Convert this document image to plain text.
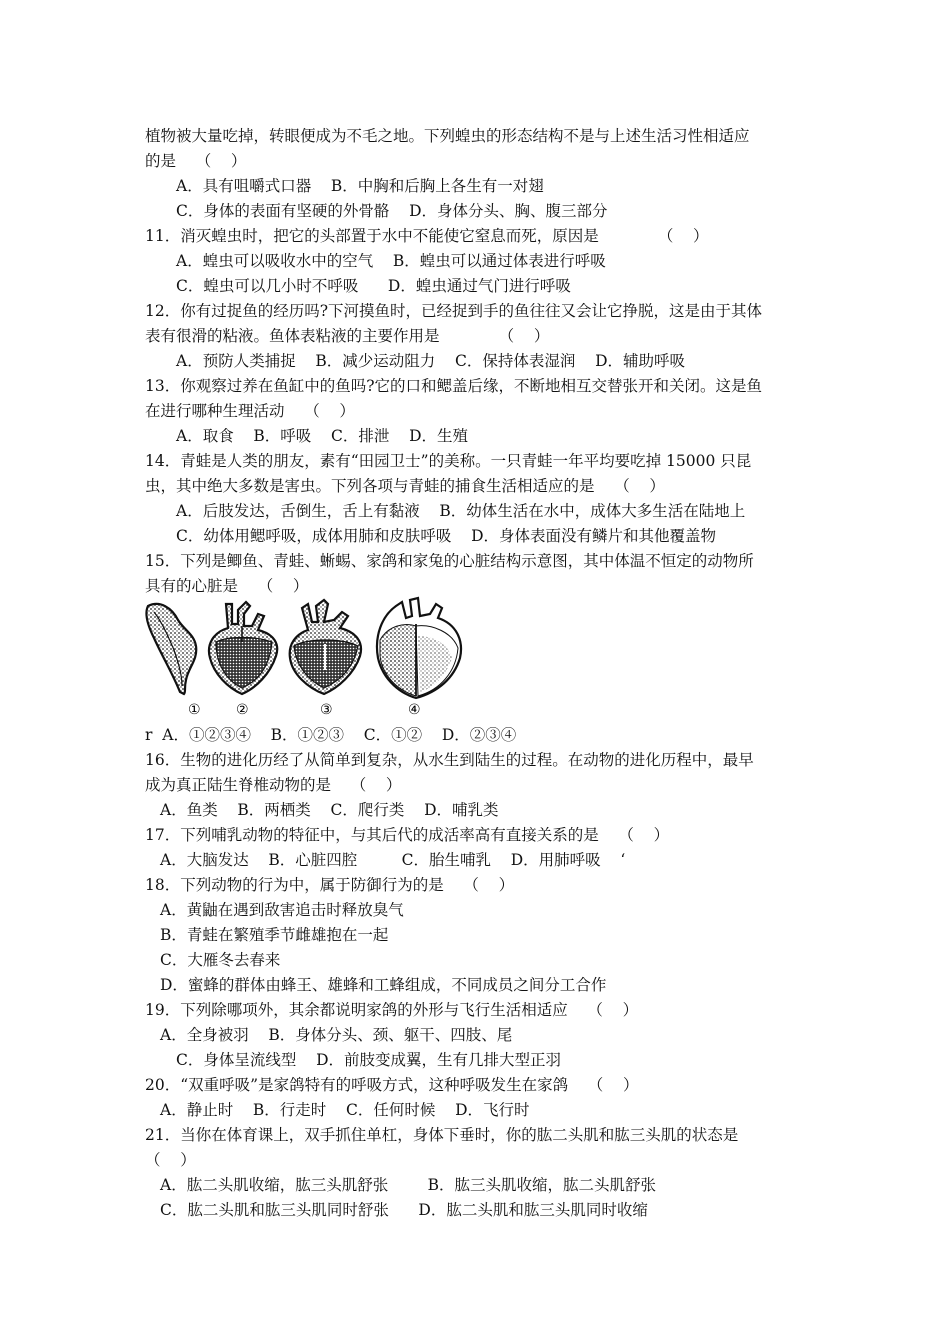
植物被大量吃掉，转眼便成为不毛之地。下列蝗虫的形态结构不是与上述生活习性相适应
的是    （    ）
A．具有咀嚼式口器    B．中胸和后胸上各生有一对翅
C．身体的表面有坚硬的外骨骼    D．身体分头、胸、腹三部分
11．消灭蝗虫时，把它的头部置于水中不能使它窒息而死，原因是            （    ）
A．蝗虫可以吸收水中的空气    B．蝗虫可以通过体表进行呼吸
C．蝗虫可以几小时不呼吸      D．蝗虫通过气门进行呼吸
12．你有过捉鱼的经历吗?下河摸鱼时，已经捉到手的鱼往往又会让它挣脱，这是由于其体
表有很滑的粘液。鱼体表粘液的主要作用是            （    ）
A．预防人类捕捉    B．减少运动阻力    C．保持体表湿润    D．辅助呼吸
13．你观察过养在鱼缸中的鱼吗?它的口和鳃盖后缘，不断地相互交替张开和关闭。这是鱼
在进行哪种生理活动    （    ）
A．取食    B．呼吸    C．排泄    D．生殖
14．青蛙是人类的朋友，素有“田园卫士”的美称。一只青蛙一年平均要吃掉 15000 只昆
虫，其中绝大多数是害虫。下列各项与青蛙的捕食生活相适应的是    （    ）
A．后肢发达，舌倒生，舌上有黏液    B．幼体生活在水中，成体大多生活在陆地上
C．幼体用鳃呼吸，成体用肺和皮肤呼吸    D．身体表面没有鳞片和其他覆盖物
15．下列是鲫鱼、青蛙、蜥蜴、家鸽和家兔的心脏结构示意图，其中体温不恒定的动物所
具有的心脏是    （    ）
①	②	③	④
r  A．①②③④    B．①②③    C．①②    D．②③④
16．生物的进化历经了从简单到复杂，从水生到陆生的过程。在动物的进化历程中，最早
成为真正陆生脊椎动物的是    （    ）
A．鱼类    B．两栖类    C．爬行类    D．哺乳类
17．下列哺乳动物的特征中，与其后代的成活率高有直接关系的是    （    ）
A．大脑发达    B．心脏四腔         C．胎生哺乳    D．用肺呼吸    ‘
18．下列动物的行为中，属于防御行为的是    （    ）
A．黄鼬在遇到敌害追击时释放臭气
B．青蛙在繁殖季节雌雄抱在一起
C．大雁冬去春来
D．蜜蜂的群体由蜂王、雄蜂和工蜂组成，不同成员之间分工合作
19．下列除哪项外，其余都说明家鸽的外形与飞行生活相适应    （    ）
A．全身被羽    B．身体分头、颈、躯干、四肢、尾
C．身体呈流线型    D．前肢变成翼，生有几排大型正羽
20．“双重呼吸”是家鸽特有的呼吸方式，这种呼吸发生在家鸽    （    ）
A．静止时    B．行走时    C．任何时候    D．飞行时
21．当你在体育课上，双手抓住单杠，身体下垂时，你的肱二头肌和肱三头肌的状态是
（    ）
A．肱二头肌收缩，肱三头肌舒张        B．肱三头肌收缩，肱二头肌舒张
C．肱二头肌和肱三头肌同时舒张      D．肱二头肌和肱三头肌同时收缩
